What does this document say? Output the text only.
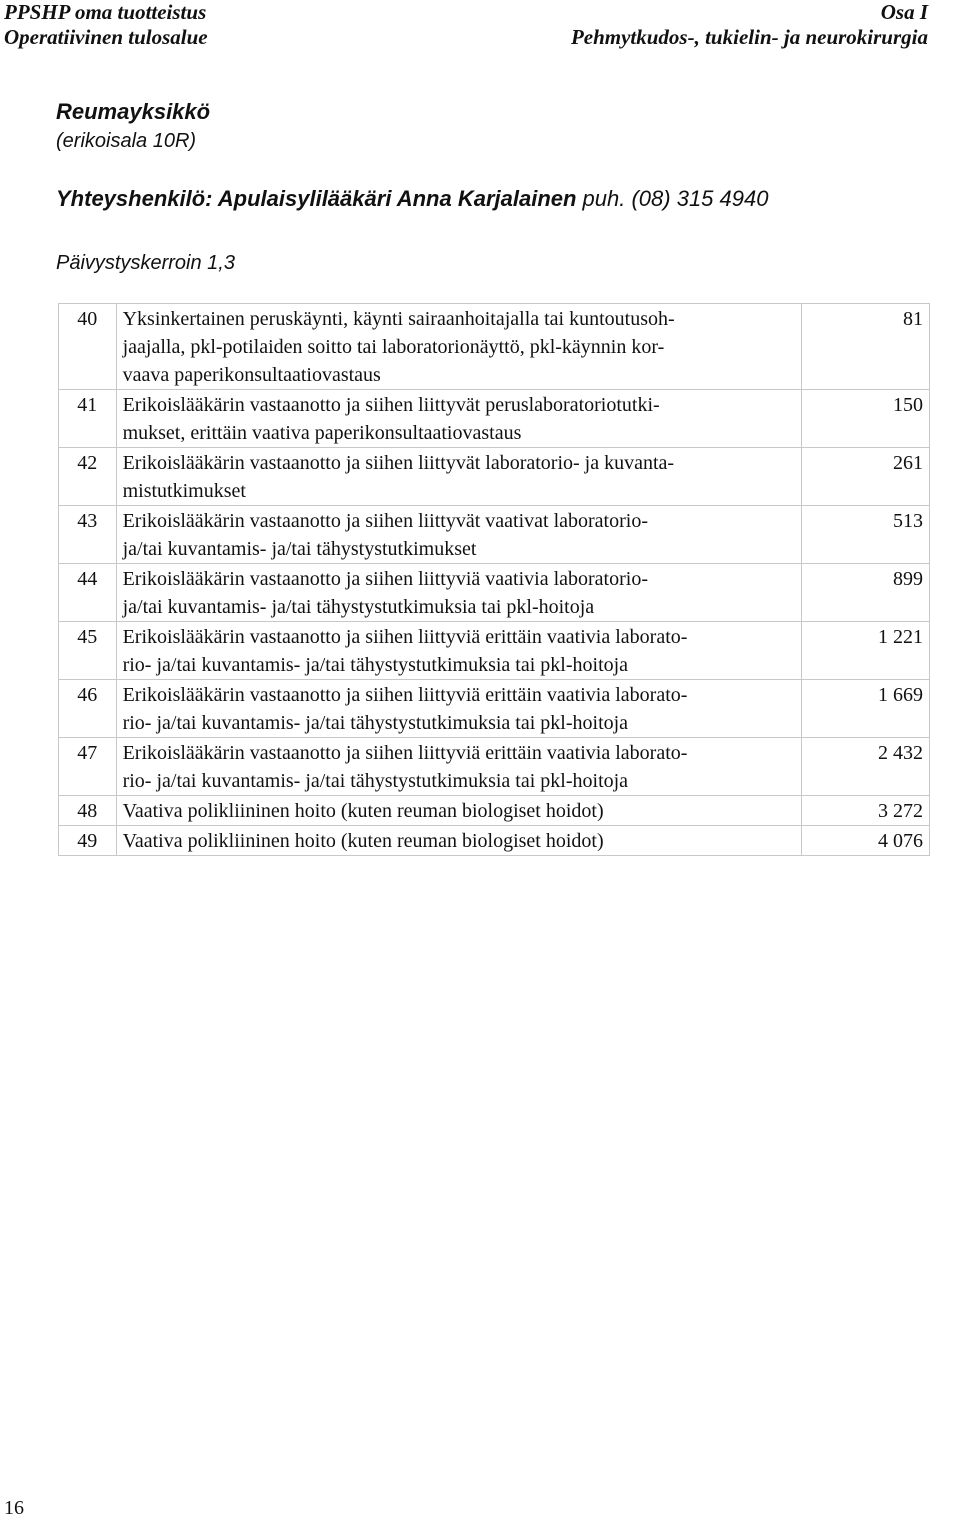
PPSHP oma tuotteistus
Operatiivinen tulosalue
Osa I
Pehmytkudos-, tukielin- ja neurokirurgia
Reumayksikkö
(erikoisala 10R)
Yhteyshenkilö: Apulaisylilääkäri Anna Karjalainen puh. (08) 315 4940
Päivystyskerroin 1,3
40	Yksinkertainen peruskäynti, käynti sairaanhoitajalla tai kuntoutusoh-
jaajalla, pkl-potilaiden soitto tai laboratorionäyttö, pkl-käynnin kor-
vaava paperikonsultaatiovastaus	81
41	Erikoislääkärin vastaanotto ja siihen liittyvät peruslaboratoriotutki-
mukset, erittäin vaativa paperikonsultaatiovastaus	150
42	Erikoislääkärin vastaanotto ja siihen liittyvät laboratorio- ja kuvanta-
mistutkimukset	261
43	Erikoislääkärin vastaanotto ja siihen liittyvät vaativat laboratorio-
ja/tai kuvantamis- ja/tai tähystystutkimukset	513
44	Erikoislääkärin vastaanotto ja siihen liittyviä vaativia laboratorio-
ja/tai kuvantamis- ja/tai tähystystutkimuksia tai pkl-hoitoja	899
45	Erikoislääkärin vastaanotto ja siihen liittyviä erittäin vaativia laborato-
rio- ja/tai kuvantamis- ja/tai tähystystutkimuksia tai pkl-hoitoja	1 221
46	Erikoislääkärin vastaanotto ja siihen liittyviä erittäin vaativia laborato-
rio- ja/tai kuvantamis- ja/tai tähystystutkimuksia tai pkl-hoitoja	1 669
47	Erikoislääkärin vastaanotto ja siihen liittyviä erittäin vaativia laborato-
rio- ja/tai kuvantamis- ja/tai tähystystutkimuksia tai pkl-hoitoja	2 432
48	Vaativa polikliininen hoito (kuten reuman biologiset hoidot)	3 272
49	Vaativa polikliininen hoito (kuten reuman biologiset hoidot)	4 076
16
